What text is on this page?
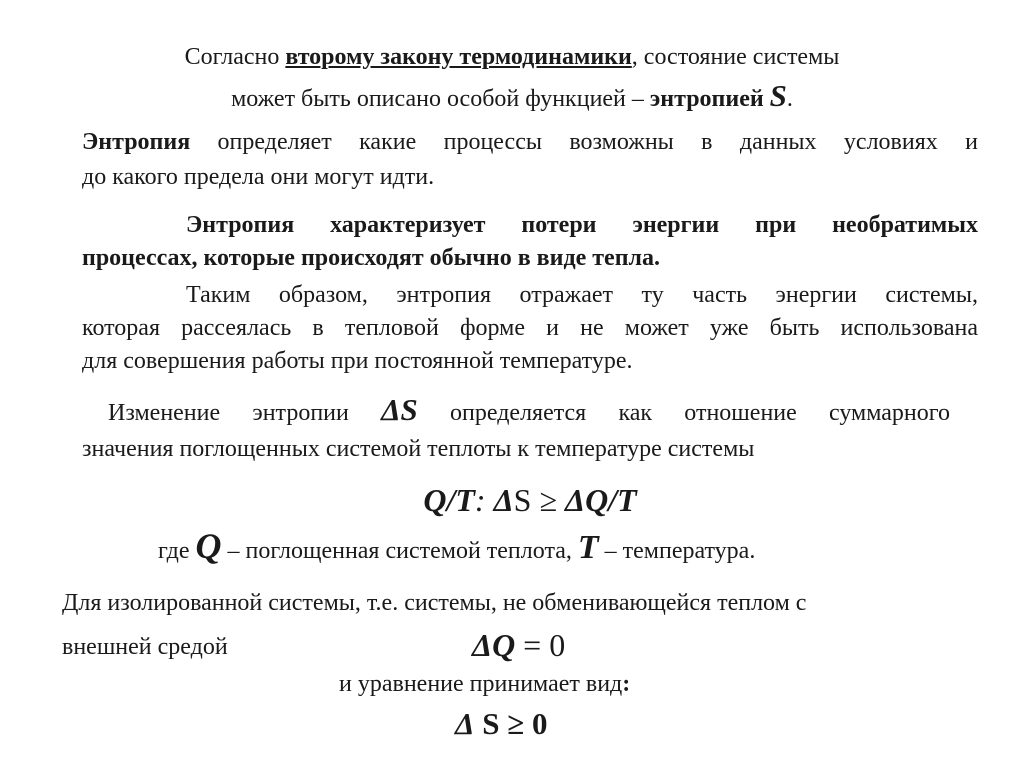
Согласно второму закону термодинамики, состояние системы
может быть описано особой функцией – энтропией S.
Энтропия определяет какие процессы возможны в данных условиях и
до какого предела они могут идти.
Энтропия характеризует потери энергии при необратимых
процессах, которые происходят обычно в виде тепла.
Таким образом, энтропия отражает ту часть энергии системы,
которая рассеялась в тепловой форме и не может уже быть использована
для совершения работы при постоянной температуре.
Изменение энтропии ΔS определяется как отношение суммарного
значения поглощенных системой теплоты к температуре системы
Q/T: ΔS ≥ ΔQ/T
где Q – поглощенная системой теплота, T – температура.
Для изолированной системы, т.е. системы, не обменивающейся теплом с
внешней средой	ΔQ = 0
и уравнение принимает вид:
Δ S ≥ 0
